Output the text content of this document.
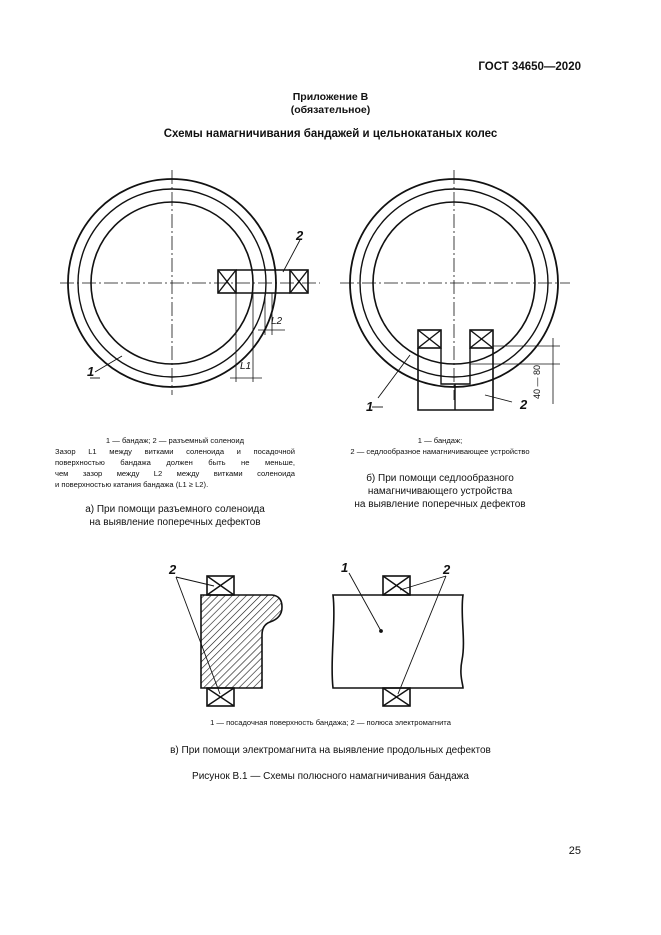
ГОСТ 34650—2020
Приложение В
(обязательное)
Схемы намагничивания бандажей и цельнокатаных колес
1
2
L1
L2
1	2
40 — 80
2	1	2

1 — бандаж; 2 — разъемный соленоид

Зазор L1 между витками соленоида и посадочной

поверхностью бандажа должен быть не меньше,

чем зазор между L2 между витками соленоида

и поверхностью катания бандажа (L1 ≥ L2).

а) При помощи разъемного соленоида
на выявление поперечных дефектов
1 — бандаж;
2 — седлообразное намагничивающее устройство
б) При помощи седлообразного
намагничивающего устройства
на выявление поперечных дефектов
1 — посадочная поверхность бандажа; 2 — полюса электромагнита
в) При помощи электромагнита на выявление продольных дефектов
Рисунок В.1 — Схемы полюсного намагничивания бандажа
25
